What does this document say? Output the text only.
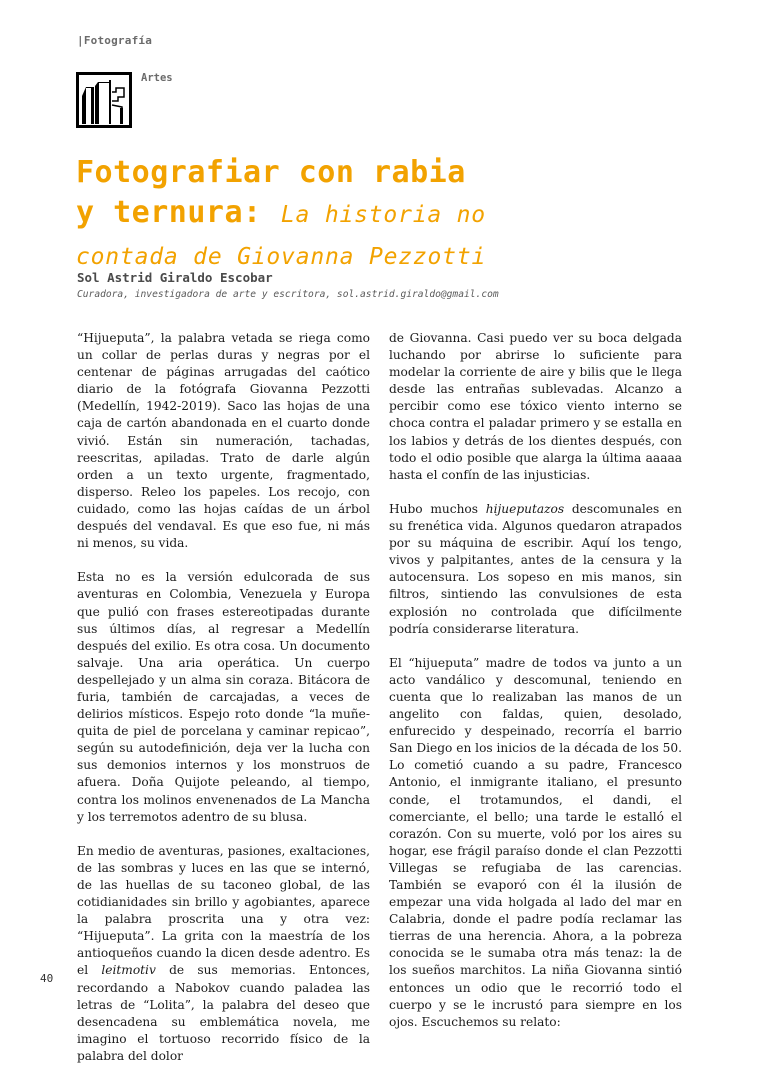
|Fotografía
Artes
Fotografiar con rabia
y ternura: La historia no
contada de Giovanna Pezzotti
Sol Astrid Giraldo Escobar
Curadora, investigadora de arte y escritora, sol.astrid.giraldo@gmail.com

“Hijueputa”, la palabra vetada se riega como un collar de perlas duras y negras por el centenar de páginas arrugadas del caótico diario de la fotógrafa Giovanna Pezzotti (Medellín, 1942-2019). Saco las hojas de una caja de cartón abandonada en el cuarto donde vivió. Están sin numeración, tachadas, reescritas, apiladas. Trato de darle algún orden a un texto urgente, fragmentado, disperso. Releo los papeles. Los recojo, con cuidado, como las hojas caídas de un árbol después del vendaval. Es que eso fue, ni más ni menos, su vida.

Esta no es la versión edulcorada de sus aventuras en Colombia, Venezuela y Europa que pulió con frases estereotipadas durante sus últimos días, al regresar a Medellín después del exilio. Es otra cosa. Un documento salvaje. Una aria operática. Un cuerpo despellejado y un alma sin coraza. Bitácora de furia, también de carcajadas, a veces de delirios místicos. Espejo roto donde “la muñequita de piel de porcelana y caminar repicao”, según su autodefinición, deja ver la lucha con sus demonios internos y los monstruos de afuera. Doña Quijote peleando, al tiempo, contra los molinos envenenados de La Mancha y los terremotos adentro de su blusa.

En medio de aventuras, pasiones, exaltaciones, de las sombras y luces en las que se internó, de las huellas de su taconeo global, de las cotidianidades sin brillo y agobiantes, aparece la palabra proscrita una y otra vez: “Hijueputa”. La grita con la maestría de los antioqueños cuando la dicen desde adentro. Es el leitmotiv de sus memorias. Entonces, recordando a Nabokov cuando paladea las letras de “Lolita”, la palabra del deseo que desencadena su emblemática novela, me imagino el tortuoso recorrido físico de la palabra del dolor

de Giovanna. Casi puedo ver su boca delgada luchando por abrirse lo suficiente para modelar la corriente de aire y bilis que le llega desde las entrañas sublevadas. Alcanzo a percibir como ese tóxico viento interno se choca contra el paladar primero y se estalla en los labios y detrás de los dientes después, con todo el odio posible que alarga la última aaaaa hasta el confín de las injusticias.

Hubo muchos hijueputazos descomunales en su frenética vida. Algunos quedaron atrapados por su máquina de escribir. Aquí los tengo, vivos y palpitantes, antes de la censura y la autocensura. Los sopeso en mis manos, sin filtros, sintiendo las convulsiones de esta explosión no controlada que difícilmente podría considerarse literatura.

El “hijueputa” madre de todos va junto a un acto vandálico y descomunal, teniendo en cuenta que lo realizaban las manos de un angelito con faldas, quien, desolado, enfurecido y despeinado, recorría el barrio San Diego en los inicios de la década de los 50. Lo cometió cuando a su padre, Francesco Antonio, el inmigrante italiano, el presunto conde, el trotamundos, el dandi, el comerciante, el bello; una tarde le estalló el corazón. Con su muerte, voló por los aires su hogar, ese frágil paraíso donde el clan Pezzotti Villegas se refugiaba de las carencias. También se evaporó con él la ilusión de empezar una vida holgada al lado del mar en Calabria, donde el padre podía reclamar las tierras de una herencia. Ahora, a la pobreza conocida se le sumaba otra más tenaz: la de los sueños marchitos. La niña Giovanna sintió entonces un odio que le recorrió todo el cuerpo y se le incrustó para siempre en los ojos. Escuchemos su relato:

40
